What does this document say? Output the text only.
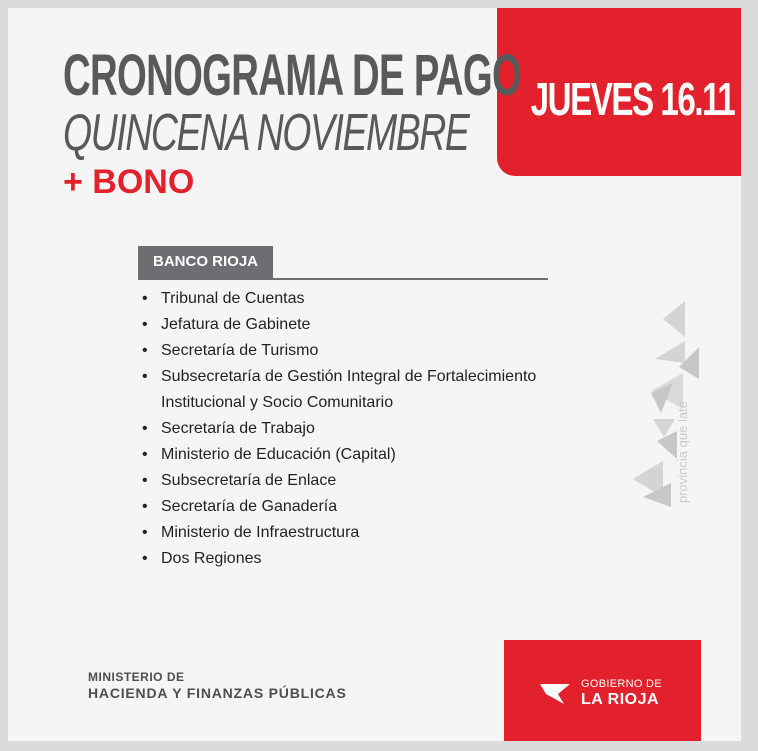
JUEVES 16.11
CRONOGRAMA DE PAGO
QUINCENA NOVIEMBRE
+ BONO
BANCO RIOJA
• Tribunal de Cuentas
• Jefatura de Gabinete
• Secretaría de Turismo
• Subsecretaría de Gestión Integral de Fortalecimiento Institucional y Socio Comunitario
• Secretaría de Trabajo
• Ministerio de Educación (Capital)
• Subsecretaría de Enlace
• Secretaría de Ganadería
• Ministerio de Infraestructura
• Dos Regiones
provincia que late
MINISTERIO DE
HACIENDA Y FINANZAS PÚBLICAS
GOBIERNO DE
LA RIOJA
